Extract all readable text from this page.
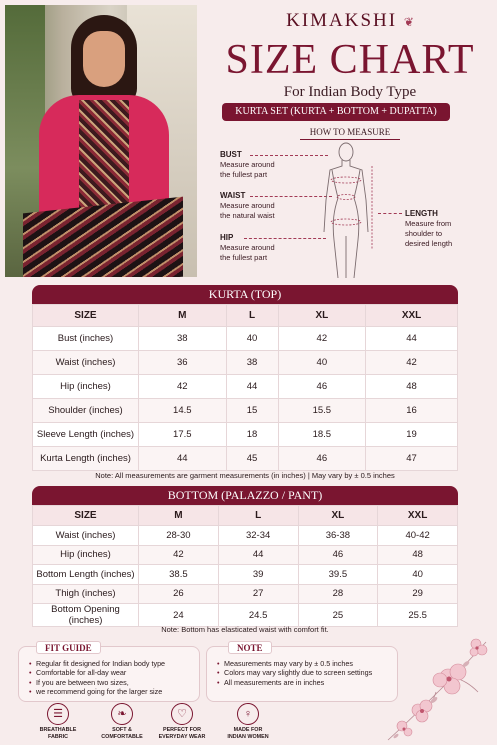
KIMAKSHI ❦
SIZE CHART
For Indian Body Type
KURTA SET (KURTA + BOTTOM + DUPATTA)
HOW TO MEASURE
BUST
Measure around
the fullest part
WAIST
Measure around
the natural waist
HIP
Measure around
the fullest part
LENGTH
Measure from
shoulder to
desired length
KURTA (TOP)
SIZE	M	L	XL	XXL
Bust (inches)	38	40	42	44
Waist (inches)	36	38	40	42
Hip (inches)	42	44	46	48
Shoulder (inches)	14.5	15	15.5	16
Sleeve Length (inches)	17.5	18	18.5	19
Kurta Length (inches)	44	45	46	47
Note: All measurements are garment measurements (in inches) | May vary by ± 0.5 inches
BOTTOM (PALAZZO / PANT)
SIZE	M	L	XL	XXL
Waist (inches)	28-30	32-34	36-38	40-42
Hip (inches)	42	44	46	48
Bottom Length (inches)	38.5	39	39.5	40
Thigh (inches)	26	27	28	29
Bottom Opening (inches)	24	24.5	25	25.5
Note: Bottom has elasticated waist with comfort fit.
• Regular fit designed for Indian body type
• Comfortable for all-day wear
• If you are between two sizes,
• we recommend going for the larger size
FIT GUIDE
• Measurements may vary by ± 0.5 inches
• Colors may vary slightly due to screen settings
• All measurements are in inches
NOTE
☰
BREATHABLE
FABRIC
❧
SOFT &
COMFORTABLE
♡
PERFECT FOR
EVERYDAY WEAR
♀
MADE FOR
INDIAN WOMEN
